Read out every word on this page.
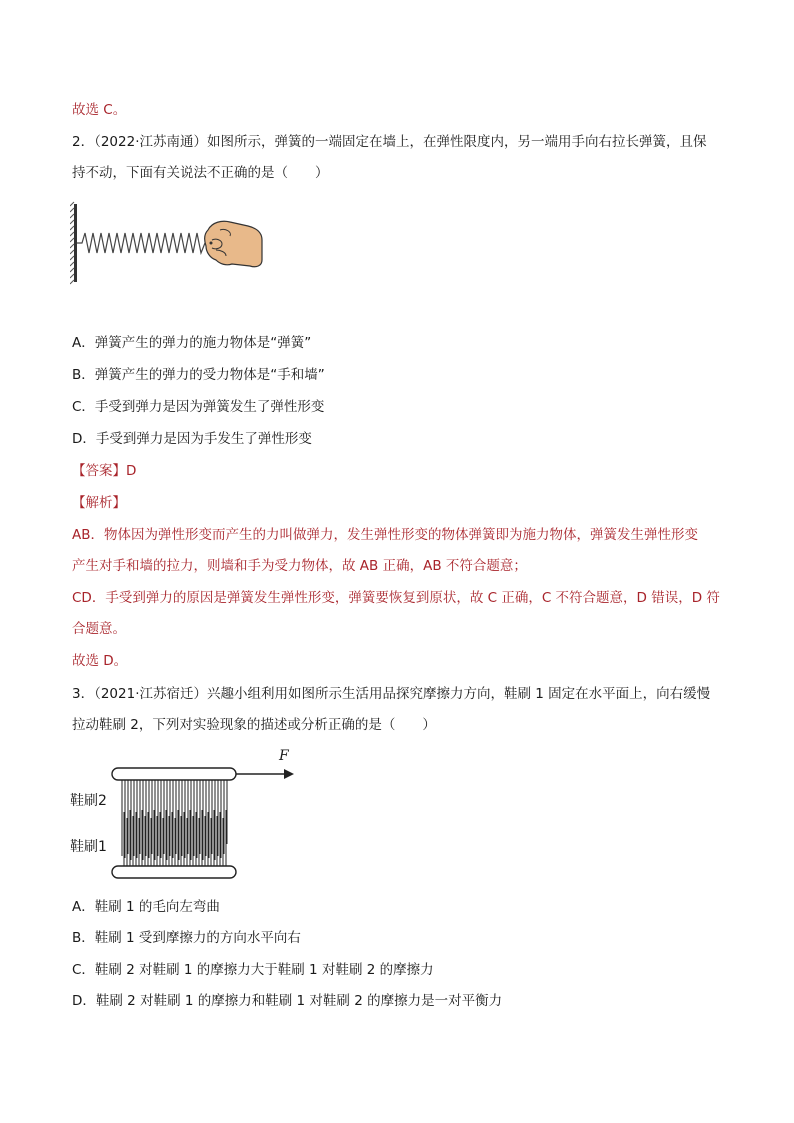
故选 C。
2．（2022·江苏南通）如图所示，弹簧的一端固定在墙上，在弹性限度内，另一端用手向右拉长弹簧，且保
持不动，下面有关说法不正确的是（　　）
A．弹簧产生的弹力的施力物体是“弹簧”
B．弹簧产生的弹力的受力物体是“手和墙”
C．手受到弹力是因为弹簧发生了弹性形变
D．手受到弹力是因为手发生了弹性形变
【答案】D
【解析】
AB．物体因为弹性形变而产生的力叫做弹力，发生弹性形变的物体弹簧即为施力物体，弹簧发生弹性形变
产生对手和墙的拉力，则墙和手为受力物体，故 AB 正确，AB 不符合题意；
CD．手受到弹力的原因是弹簧发生弹性形变，弹簧要恢复到原状，故 C 正确，C 不符合题意，D 错误，D 符
合题意。
故选 D。
3．（2021·江苏宿迁）兴趣小组利用如图所示生活用品探究摩擦力方向，鞋刷 1 固定在水平面上，向右缓慢
拉动鞋刷 2，下列对实验现象的描述或分析正确的是（　　）
F
鞋刷2
鞋刷1
A．鞋刷 1 的毛向左弯曲
B．鞋刷 1 受到摩擦力的方向水平向右
C．鞋刷 2 对鞋刷 1 的摩擦力大于鞋刷 1 对鞋刷 2 的摩擦力
D．鞋刷 2 对鞋刷 1 的摩擦力和鞋刷 1 对鞋刷 2 的摩擦力是一对平衡力
